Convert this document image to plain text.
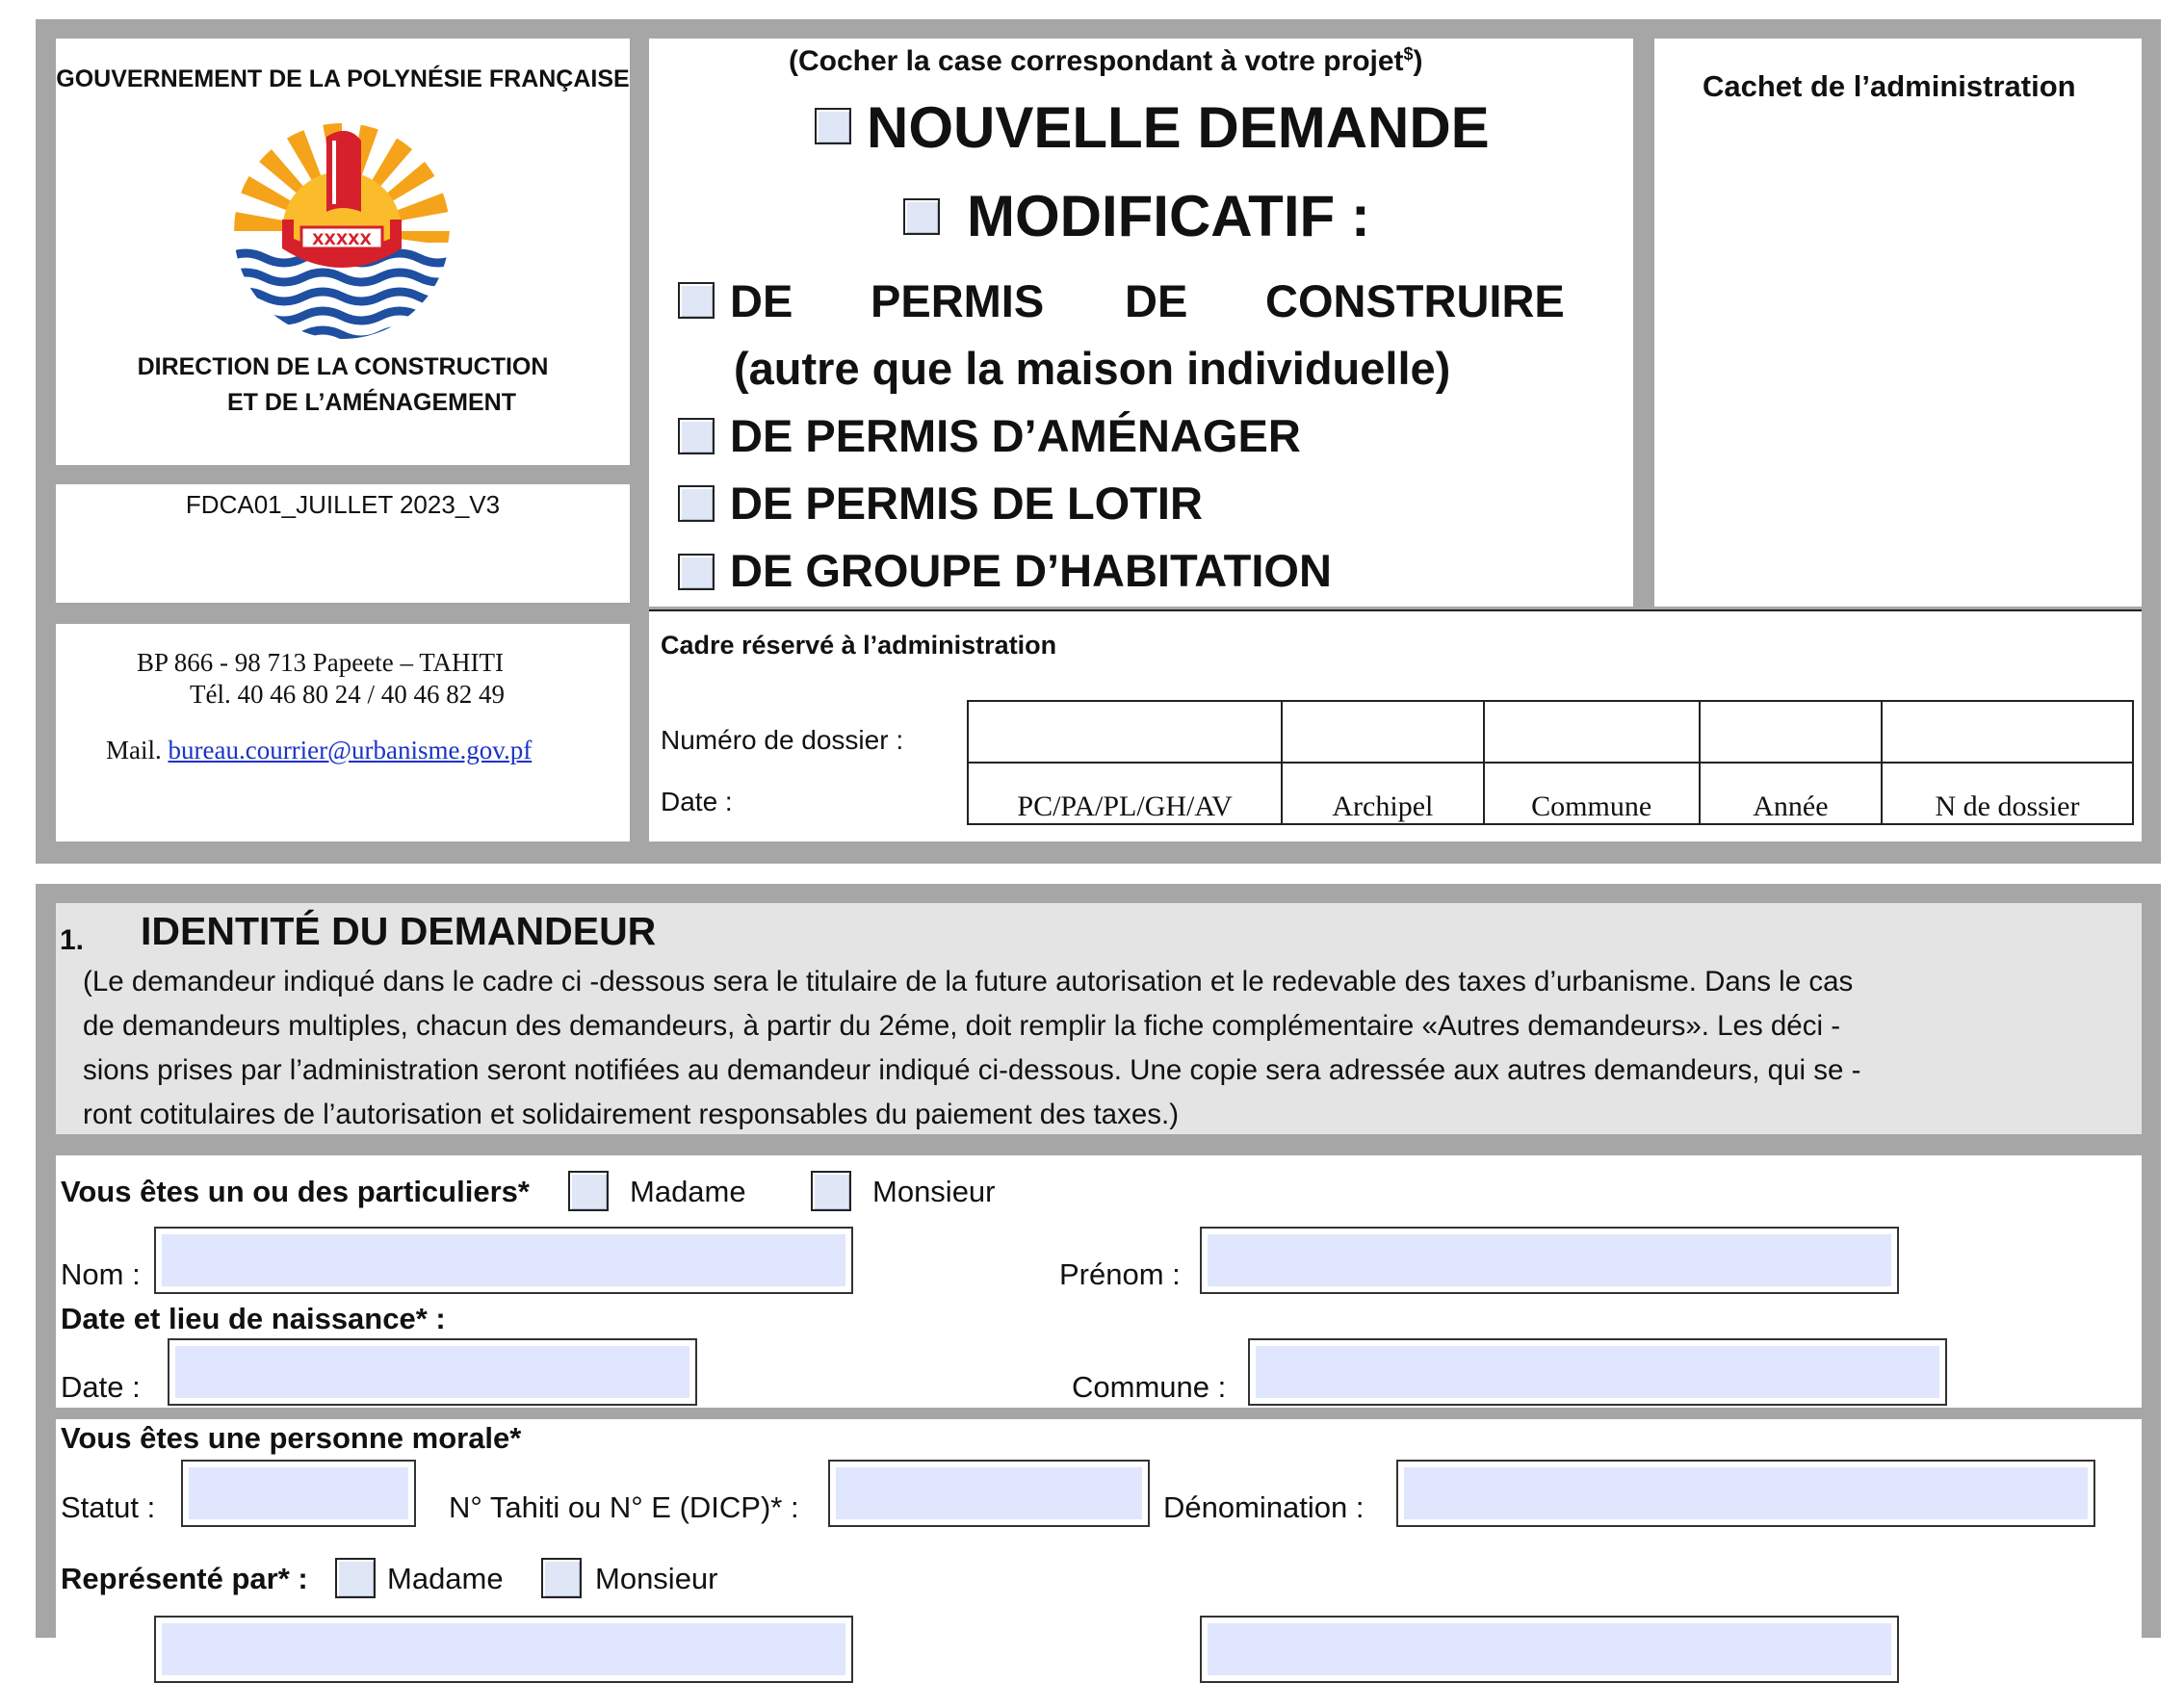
GOUVERNEMENT DE LA POLYNÉSIE FRANÇAISE
XXXXX
DIRECTION DE LA CONSTRUCTION
ET DE L’AMÉNAGEMENT
FDCA01_JUILLET 2023_V3
BP 866 - 98 713 Papeete – TAHITI
Tél. 40 46 80 24 / 40 46 82 49
Mail. bureau.courrier@urbanisme.gov.pf
(Cocher la case correspondant à votre projet$)
NOUVELLE DEMANDE
MODIFICATIF :
DE PERMIS DE CONSTRUIRE
(autre que la maison individuelle)
DE PERMIS D’AMÉNAGER
DE PERMIS DE LOTIR
DE GROUPE D’HABITATION
Cachet de l’administration
Cadre réservé à l’administration
Numéro de dossier :
Date :
					PC/PA/PL/GH/AV	Archipel	Commune	Année	N de dossier
1. IDENTITÉ DU DEMANDEUR
(Le demandeur indiqué dans le cadre ci -dessous sera le titulaire de la future autorisation et le redevable des taxes d’urbanisme. Dans le cas
de demandeurs multiples, chacun des demandeurs, à partir du 2éme, doit remplir la fiche complémentaire «Autres demandeurs». Les déci -
sions prises par l’administration seront notifiées au demandeur indiqué ci-dessous. Une copie sera adressée aux autres demandeurs, qui se -
ront cotitulaires de l’autorisation et solidairement responsables du paiement des taxes.)
Vous êtes un ou des particuliers*	Madame	Monsieur
Nom :	Prénom :
Date et lieu de naissance* :
Date :	Commune :
Vous êtes une personne morale*
Statut :	N° Tahiti ou N° E (DICP)* :	Dénomination :
Représenté par* :	Madame	Monsieur
